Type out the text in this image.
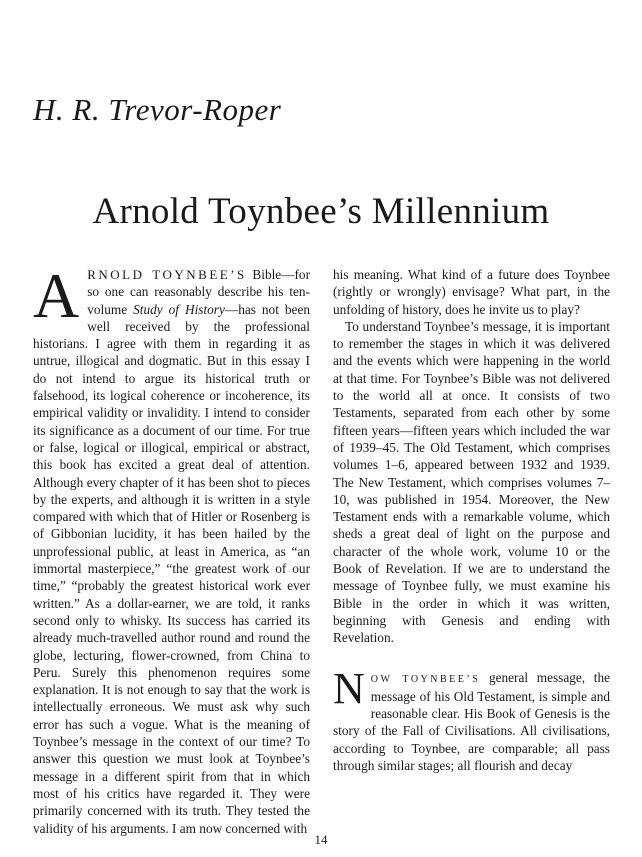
H. R. Trevor-Roper
Arnold Toynbee’s Millennium

ARNOLD TOYNBEE’S Bible—for so one can reasonably describe his ten-volume Study of History—has not been well received by the professional historians. I agree with them in regarding it as untrue, illogical and dogmatic. But in this essay I do not intend to argue its historical truth or falsehood, its logical coherence or incoherence, its empirical validity or invalidity. I intend to consider its significance as a document of our time. For true or false, logical or illogical, empirical or abstract, this book has excited a great deal of attention. Although every chapter of it has been shot to pieces by the experts, and although it is written in a style compared with which that of Hitler or Rosenberg is of Gibbonian lucidity, it has been hailed by the unprofessional public, at least in America, as “an immortal masterpiece,” “the greatest work of our time,” “probably the greatest historical work ever written.” As a dollar-earner, we are told, it ranks second only to whisky. Its success has carried its already much-travelled author round and round the globe, lecturing, flower-crowned, from China to Peru. Surely this phenomenon requires some explanation. It is not enough to say that the work is intellectually erroneous. We must ask why such error has such a vogue. What is the meaning of Toynbee’s message in the context of our time? To answer this question we must look at Toynbee’s message in a different spirit from that in which most of his critics have regarded it. They were primarily concerned with its truth. They tested the validity of his arguments. I am now concerned with

his meaning. What kind of a future does Toynbee (rightly or wrongly) envisage? What part, in the unfolding of history, does he invite us to play?

To understand Toynbee’s message, it is important to remember the stages in which it was delivered and the events which were happening in the world at that time. For Toynbee’s Bible was not delivered to the world all at once. It consists of two Testaments, separated from each other by some fifteen years—fifteen years which included the war of 1939–45. The Old Testament, which comprises volumes 1–6, appeared between 1932 and 1939. The New Testament, which comprises volumes 7–10, was published in 1954. Moreover, the New Testament ends with a remarkable volume, which sheds a great deal of light on the purpose and character of the whole work, volume 10 or the Book of Revelation. If we are to understand the message of Toynbee fully, we must examine his Bible in the order in which it was written, beginning with Genesis and ending with Revelation.

NOW TOYNBEE’S general message, the message of his Old Testament, is simple and reasonable clear. His Book of Genesis is the story of the Fall of Civilisations. All civilisations, according to Toynbee, are comparable; all pass through similar stages; all flourish and decay

14
